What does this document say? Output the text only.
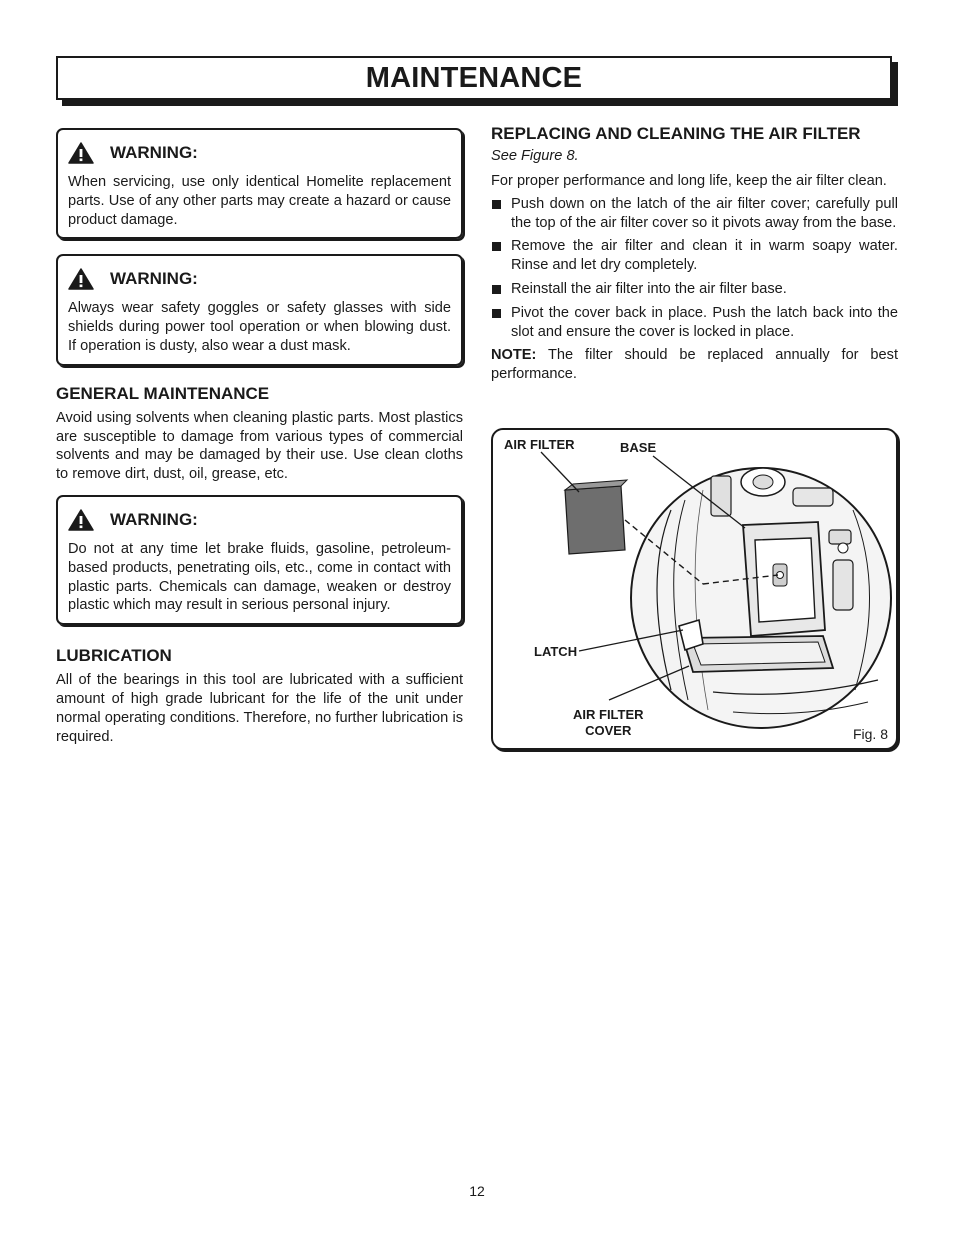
MAINTENANCE
WARNING:

When servicing, use only identical Homelite replacement parts. Use of any other parts may create a hazard or cause product damage.

WARNING:

Always wear safety goggles or safety glasses with side shields during power tool operation or when blowing dust. If operation is dusty, also wear a dust mask.

GENERAL MAINTENANCE

Avoid using solvents when cleaning plastic parts. Most plastics are susceptible to damage from various types of commercial solvents and may be damaged by their use. Use clean cloths to remove dirt, dust, oil, grease, etc.

WARNING:

Do not at any time let brake fluids, gasoline, petroleum-based products, penetrating oils, etc., come in contact with plastic parts. Chemicals can damage, weaken or destroy plastic which may result in serious personal injury.

LUBRICATION

All of the bearings in this tool are lubricated with a sufficient amount of high grade lubricant for the life of the unit under normal operating conditions. Therefore, no further lubrication is required.

REPLACING AND CLEANING THE AIR FILTER

See Figure 8.

For proper performance and long life, keep the air filter clean.

Push down on the latch of the air filter cover; carefully pull the top of the air filter cover so it pivots away from the base.
Remove the air filter and clean it in warm soapy water. Rinse and let dry completely.
Reinstall the air filter into the air filter base.
Pivot the cover back in place. Push the latch back into the slot and ensure the cover is locked in place.

NOTE: The filter should be replaced annually for best performance.

AIR FILTER	BASE
LATCH
AIR FILTER
COVER	Fig. 8
12
